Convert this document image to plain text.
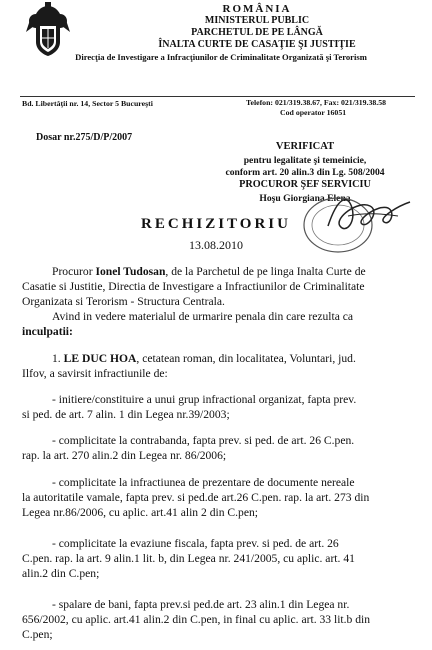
ROMÂNIA
MINISTERUL PUBLIC
PARCHETUL DE PE LÂNGĂ
ÎNALTA CURTE DE CASAŢIE ŞI JUSTIŢIE
Direcţia de Investigare a Infracţiunilor de Criminalitate Organizată şi Terorism
Bd. Libertăţii nr. 14, Sector 5 Bucureşti	Telefon: 021/319.38.67, Fax: 021/319.38.58
Cod operator 16051
Dosar nr.275/D/P/2007
VERIFICAT
pentru legalitate şi temeinicie,
conform art. 20 alin.3 din Lg. 508/2004
PROCUROR ŞEF SERVICIU
Hoşu Giorgiana Elena
RECHIZITORIU
13.08.2010
Procuror Ionel Tudosan, de la Parchetul de pe linga Inalta Curte de
Casatie si Justitie, Directia de Investigare a Infractiunilor de Criminalitate
Organizata si Terorism - Structura Centrala.
Avind in vedere materialul de urmarire penala din care rezulta ca
inculpatii:
1. LE DUC HOA, cetatean roman, din localitatea, Voluntari, jud.
Ilfov, a savirsit infractiunile de:
- initiere/constituire a unui grup infractional organizat, fapta prev.
si ped. de art. 7 alin. 1 din Legea nr.39/2003;
- complicitate la contrabanda, fapta prev. si ped. de art. 26 C.pen.
rap. la art. 270 alin.2 din Legea nr. 86/2006;
- complicitate la infractiunea de prezentare de documente nereale
la autoritatile vamale, fapta prev. si ped.de art.26 C.pen. rap. la art. 273 din
Legea nr.86/2006, cu aplic. art.41 alin 2 din C.pen;
- complicitate la evaziune fiscala, fapta prev. si ped. de art. 26
C.pen. rap. la art. 9 alin.1 lit. b, din Legea nr. 241/2005, cu aplic. art. 41
alin.2 din C.pen;
- spalare de bani, fapta prev.si ped.de art. 23 alin.1 din Legea nr.
656/2002, cu aplic. art.41 alin.2 din C.pen, in final cu aplic. art. 33 lit.b din
C.pen;
